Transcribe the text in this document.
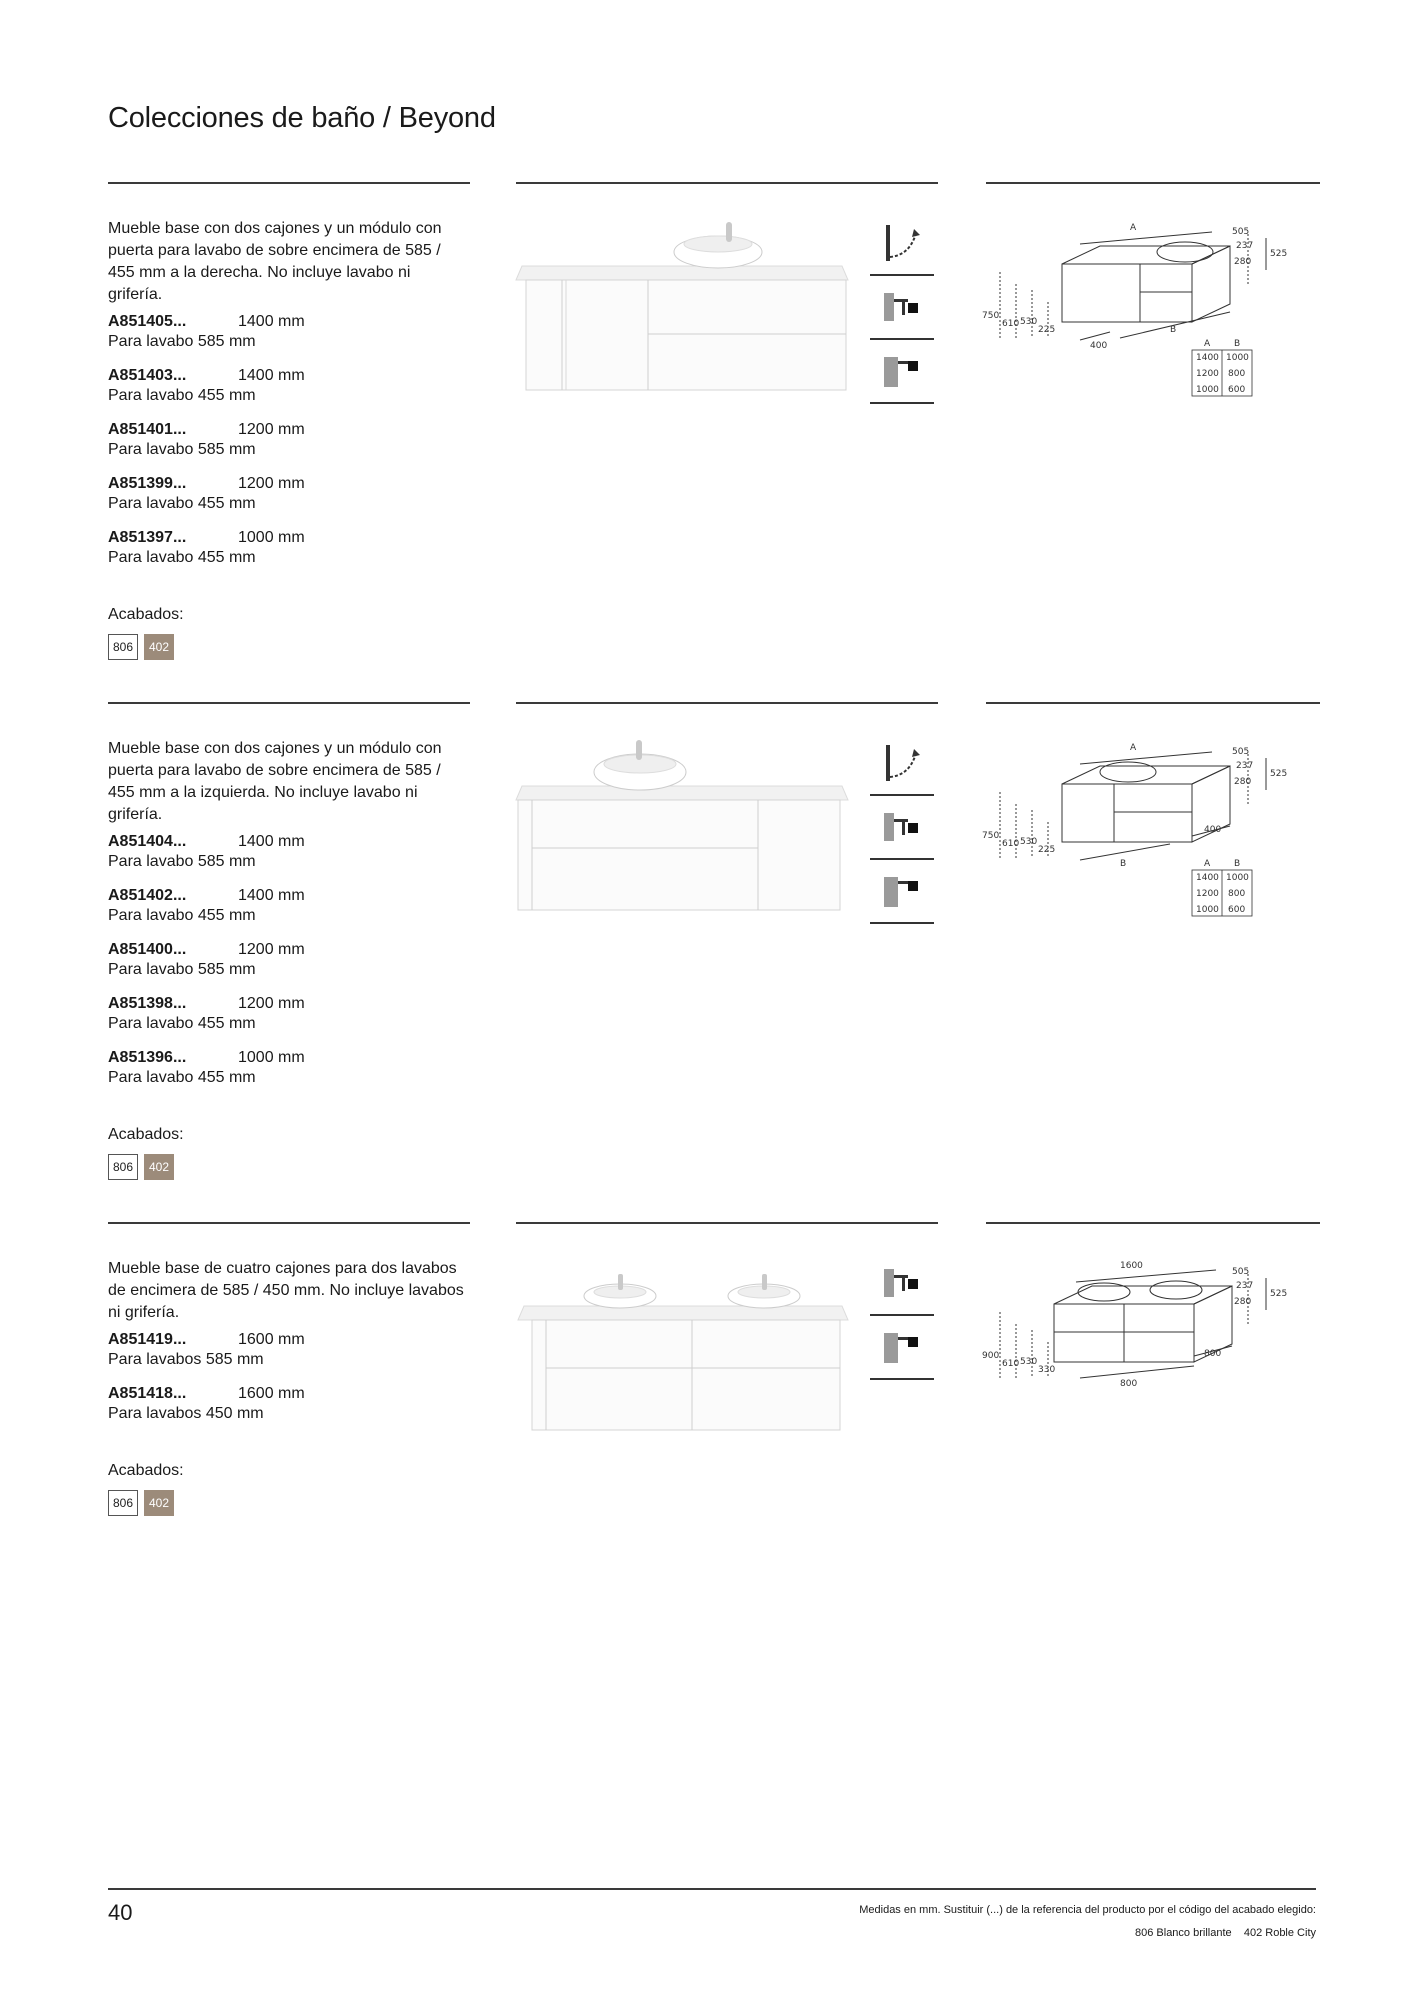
Colecciones de baño / Beyond
Mueble base con dos cajones y un módulo con puerta para lavabo de sobre encimera de 585 / 455 mm a la derecha. No incluye lavabo ni grifería.
A851405...	1400 mm
Para lavabo 585 mm
A851403...	1400 mm
Para lavabo 455 mm
A851401...	1200 mm
Para lavabo 585 mm
A851399...	1200 mm
Para lavabo 455 mm
A851397...	1000 mm
Para lavabo 455 mm
Acabados:
806	402
A	505
237
525
280
750
610 530
225
400
B
A	B
1400 1000
1200 800
1000 600
Mueble base con dos cajones y un módulo con puerta para lavabo de sobre encimera de 585 / 455 mm a la izquierda. No incluye lavabo ni grifería.
A851404...	1400 mm
Para lavabo 585 mm
A851402...	1400 mm
Para lavabo 455 mm
A851400...	1200 mm
Para lavabo 585 mm
A851398...	1200 mm
Para lavabo 455 mm
A851396...	1000 mm
Para lavabo 455 mm
Acabados:
806	402
A	505
237
525
280
750
610 530
225
400
B	A	B
1400 1000
1200 800
1000 600
Mueble base de cuatro cajones para dos lavabos de encimera de 585 / 450 mm. No incluye lavabos ni grifería.
A851419...	1600 mm
Para lavabos 585 mm
A851418...	1600 mm
Para lavabos 450 mm
Acabados:
806	402
1600
505
237
525
280
900
610 530
330
800
800
40	Medidas en mm. Sustituir (...) de la referencia del producto por el código del acabado elegido:
806 Blanco brillante    402 Roble City
